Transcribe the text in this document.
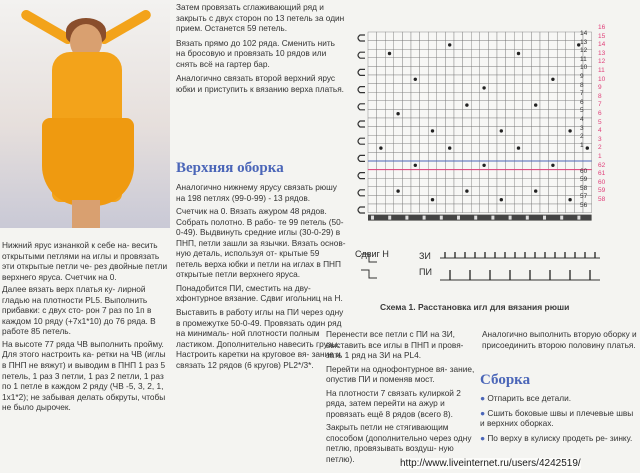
Нижний ярус изнанкой к себе на- весить открытыми петлями на иглы и провязать эти открытые петли че- рез двойные петли верхнего яруса. Счетчик на 0.
Далее вязать верх платья ку- лирной гладью на плотности PL5. Выполнить прибавки: с двух сто- рон 7 раз по 1п в каждом 10 ряду (+7х1*10) до 76 ряда. В работе 85 петель.
На высоте 77 ряда ЧВ выполнить пройму. Для этого настроить ка- ретки на ЧВ (иглы в ПНП не вяжут) и выводим в ПНП 1 раз 5 петель, 1 раз 3 петли, 1 раз 2 петли, 1 раз по 1 петле в каждом 2 ряду (ЧВ -5, 3, 2, 1, 1х1*2); не забывая делать обкруты, чтобы не было дырочек.
Затем провязать сглаживающий ряд и закрыть с двух сторон по 13 петель за один прием. Останется 59 петель.
Вязать прямо до 102 ряда. Сменить нить на бросовую и провязать 10 рядов или снять всё на гартер бар.
Аналогично связать второй верхний ярус юбки и приступить к вязанию верха платья.
Верхняя оборка
Аналогично нижнему ярусу связать рюшу на 198 петлях (99-0-99) - 13 рядов.
Счетчик на 0. Вязать ажуром 48 рядов. Собрать полотно. В рабо- те 99 петель (50-0-49). Выдвинуть средние иглы (30-0-29) в ПНП, петли зашли за язычки. Вязать основ- ную деталь, используя от- крытые 59 петель верха юбки и петли на иглах в ПНП открытые петли верхнего яруса.
Понадобится ПИ, сместить на дву- хфонтурное вязание. Сдвиг игольниц на Н.
Выставить в работу иглы на ПИ через одну в промежутке 50-0-49. Провязать один ряд на минималь- ной плотности полным ластиком. Дополнительно навесить грузы. Настроить каретки на круговое вя- зание и связать 12 рядов (6 кругов) PL2*/3*.
14
13
12
11
10
9
8
7
6
5
4
3
2
1
60
59
58
57
56
16
15
14
13
12
11
10
9
8
7
6
5
4
3
2
1
62
61
60
59
58
Сдвиг Н	ЗИ
ПИ
Схема 1. Расстановка игл для вязания рюши
Перенести все петли с ПИ на ЗИ, выставить все иглы в ПНП и провя- зать 1 ряд на ЗИ на PL4.
Перейти на однофонтурное вя- зание, опустив ПИ и поменяв мост.
На плотности 7 связать кулиркой 2 ряда, затем перейти на ажур и провязать ещё 8 рядов (всего 8).
Закрыть петли не стягивающим способом (дополнительно через одну петлю, провязывать воздуш- ную петлю).
Аналогично выполнить вторую оборку и присоединить второю половину платья.
Сборка
● Отпарить все детали.
● Сшить боковые швы и плечевые швы и верхних оборках.
● По верху в кулиску продеть ре- зинку.
http://www.liveinternet.ru/users/4242519/
